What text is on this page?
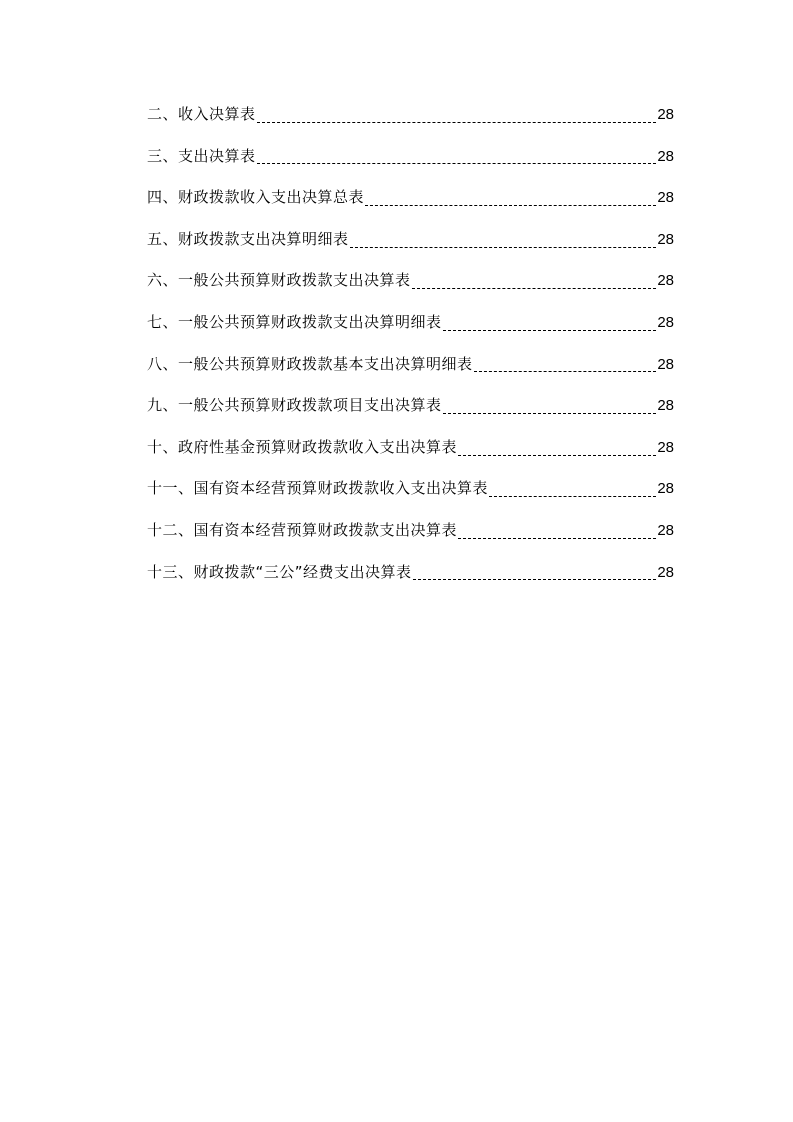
二、收入决算表	28
三、支出决算表	28
四、财政拨款收入支出决算总表	28
五、财政拨款支出决算明细表	28
六、一般公共预算财政拨款支出决算表	28
七、一般公共预算财政拨款支出决算明细表	28
八、一般公共预算财政拨款基本支出决算明细表	28
九、一般公共预算财政拨款项目支出决算表	28
十、政府性基金预算财政拨款收入支出决算表	28
十一、国有资本经营预算财政拨款收入支出决算表	28
十二、国有资本经营预算财政拨款支出决算表	28
十三、财政拨款“三公”经费支出决算表	28
